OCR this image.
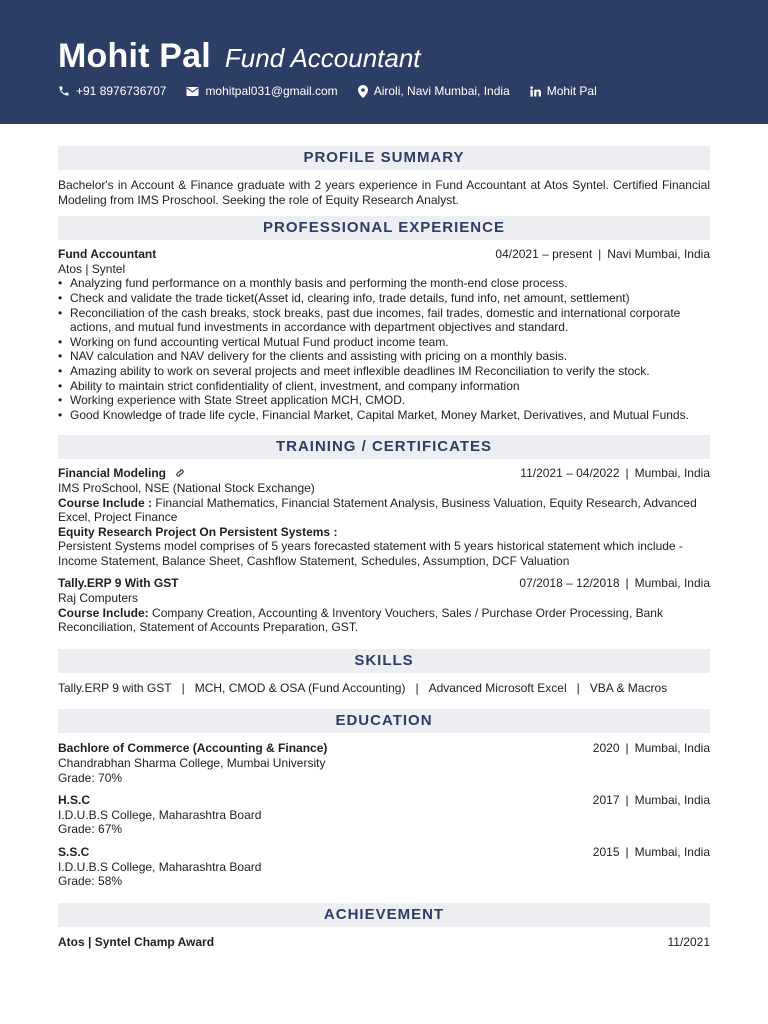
Mohit Pal Fund Accountant
+91 8976736707	mohitpal031@gmail.com	Airoli, Navi Mumbai, India	Mohit Pal
PROFILE SUMMARY

Bachelor's in Account & Finance graduate with 2 years experience in Fund Accountant at Atos Syntel. Certified Financial Modeling from IMS Proschool. Seeking the role of Equity Research Analyst.

PROFESSIONAL EXPERIENCE
Fund Accountant	04/2021 – present | Navi Mumbai, India
Atos | Syntel
• Analyzing fund performance on a monthly basis and performing the month-end close process.
• Check and validate the trade ticket(Asset id, clearing info, trade details, fund info, net amount, settlement)
• Reconciliation of the cash breaks, stock breaks, past due incomes, fail trades, domestic and international corporate actions, and mutual fund investments in accordance with department objectives and standard.
• Working on fund accounting vertical Mutual Fund product income team.
• NAV calculation and NAV delivery for the clients and assisting with pricing on a monthly basis.
• Amazing ability to work on several projects and meet inflexible deadlines IM Reconciliation to verify the stock.
• Ability to maintain strict confidentiality of client, investment, and company information
• Working experience with State Street application MCH, CMOD.
• Good Knowledge of trade life cycle, Financial Market, Capital Market, Money Market, Derivatives, and Mutual Funds.
TRAINING / CERTIFICATES
Financial Modeling	11/2021 – 04/2022 | Mumbai, India
IMS ProSchool, NSE (National Stock Exchange)
Course Include : Financial Mathematics, Financial Statement Analysis, Business Valuation, Equity Research, Advanced Excel, Project Finance
Equity Research Project On Persistent Systems :
Persistent Systems model comprises of 5 years forecasted statement with 5 years historical statement which include - Income Statement, Balance Sheet, Cashflow Statement, Schedules, Assumption, DCF Valuation
Tally.ERP 9 With GST	07/2018 – 12/2018 | Mumbai, India
Raj Computers
Course Include: Company Creation, Accounting & Inventory Vouchers, Sales / Purchase Order Processing, Bank Reconciliation, Statement of Accounts Preparation, GST.
SKILLS
Tally.ERP 9 with GST | MCH, CMOD & OSA (Fund Accounting) | Advanced Microsoft Excel | VBA & Macros
EDUCATION
Bachlore of Commerce (Accounting & Finance)	2020 | Mumbai, India
Chandrabhan Sharma College, Mumbai University
Grade: 70%
H.S.C	2017 | Mumbai, India
I.D.U.B.S College, Maharashtra Board
Grade: 67%
S.S.C	2015 | Mumbai, India
I.D.U.B.S College, Maharashtra Board
Grade: 58%
ACHIEVEMENT
Atos | Syntel Champ Award	11/2021
